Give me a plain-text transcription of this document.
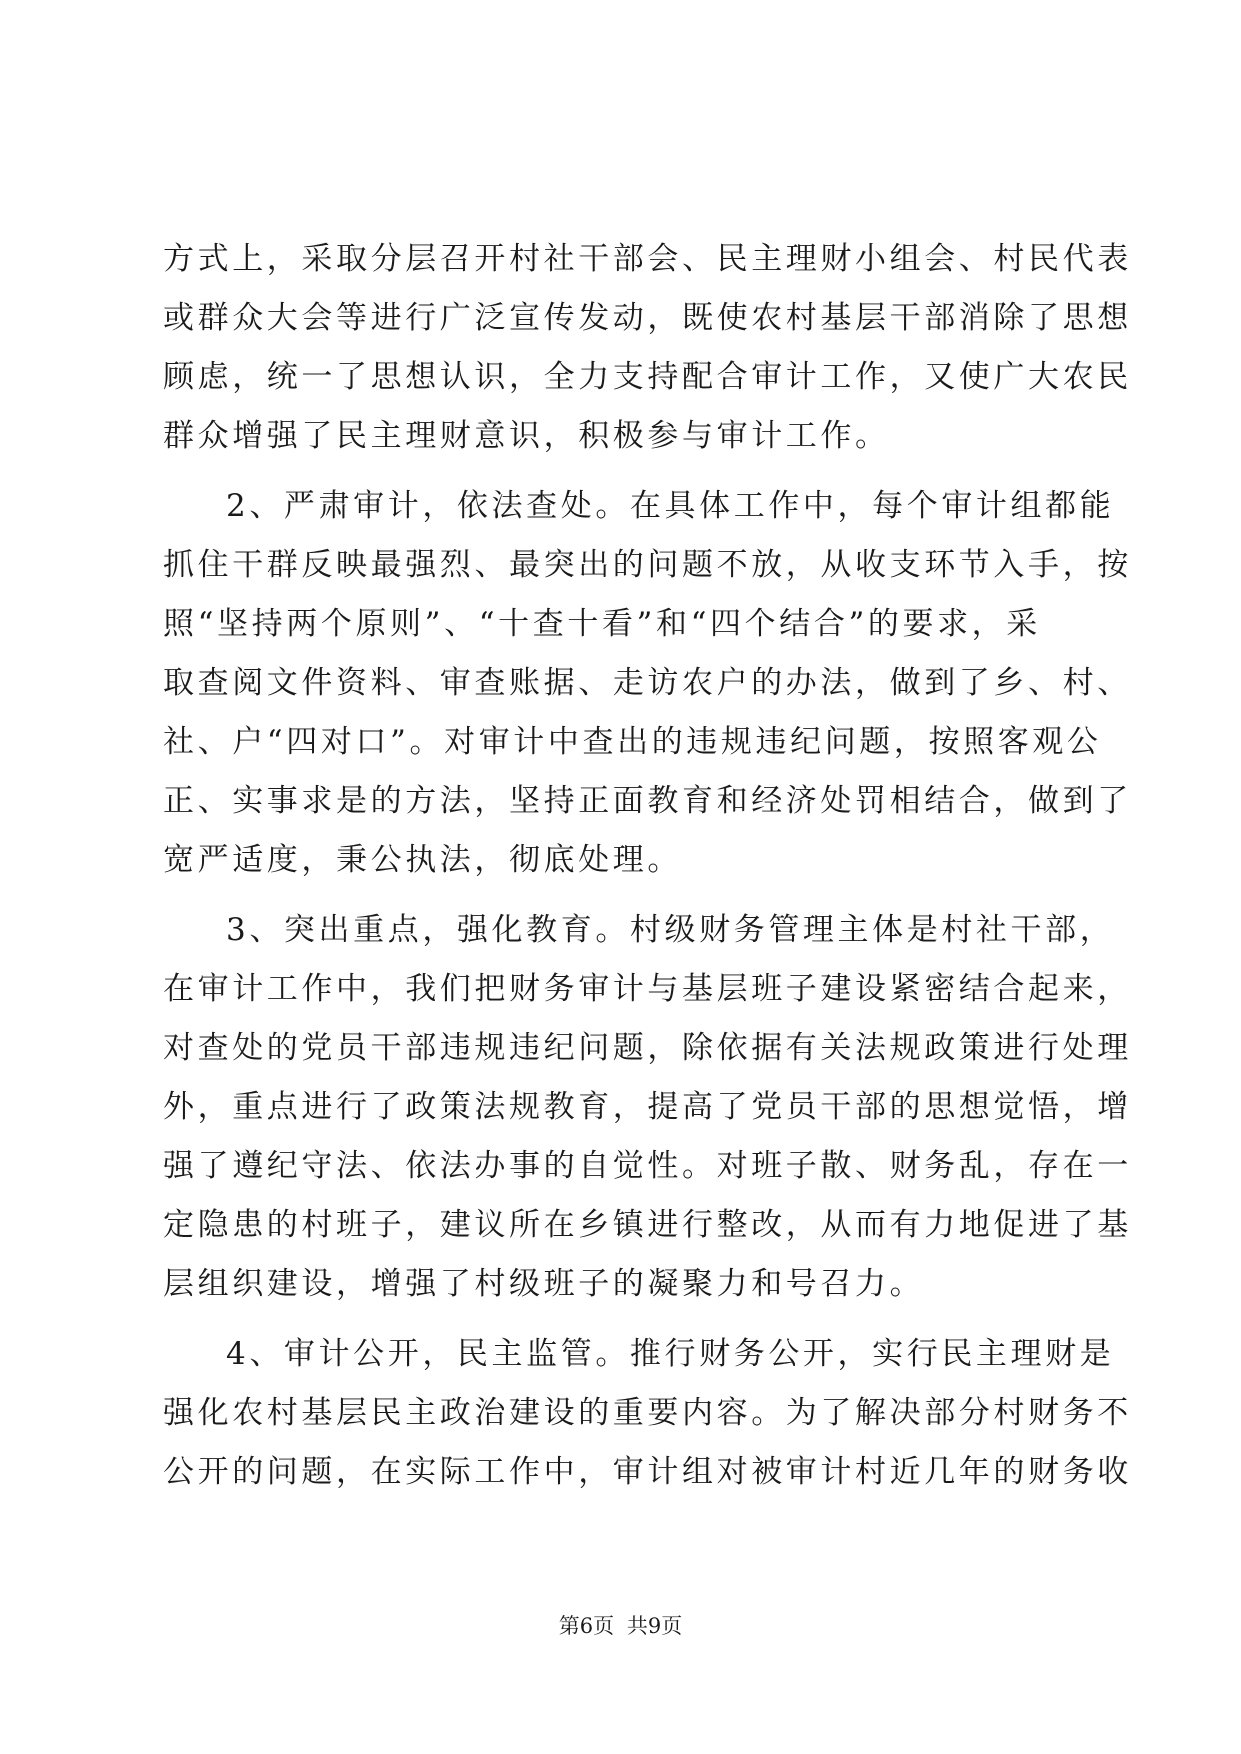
方式上，采取分层召开村社干部会、民主理财小组会、村民代表
或群众大会等进行广泛宣传发动，既使农村基层干部消除了思想
顾虑，统一了思想认识，全力支持配合审计工作，又使广大农民
群众增强了民主理财意识，积极参与审计工作。
2、严肃审计，依法查处。在具体工作中，每个审计组都能
抓住干群反映最强烈、最突出的问题不放，从收支环节入手，按
照“坚持两个原则”、“十查十看”和“四个结合”的要求，采
取查阅文件资料、审查账据、走访农户的办法，做到了乡、村、
社、户“四对口”。对审计中查出的违规违纪问题，按照客观公
正、实事求是的方法，坚持正面教育和经济处罚相结合，做到了
宽严适度，秉公执法，彻底处理。
3、突出重点，强化教育。村级财务管理主体是村社干部，
在审计工作中，我们把财务审计与基层班子建设紧密结合起来，
对查处的党员干部违规违纪问题，除依据有关法规政策进行处理
外，重点进行了政策法规教育，提高了党员干部的思想觉悟，增
强了遵纪守法、依法办事的自觉性。对班子散、财务乱，存在一
定隐患的村班子，建议所在乡镇进行整改，从而有力地促进了基
层组织建设，增强了村级班子的凝聚力和号召力。
4、审计公开，民主监管。推行财务公开，实行民主理财是
强化农村基层民主政治建设的重要内容。为了解决部分村财务不
公开的问题，在实际工作中，审计组对被审计村近几年的财务收
第6页 共9页
